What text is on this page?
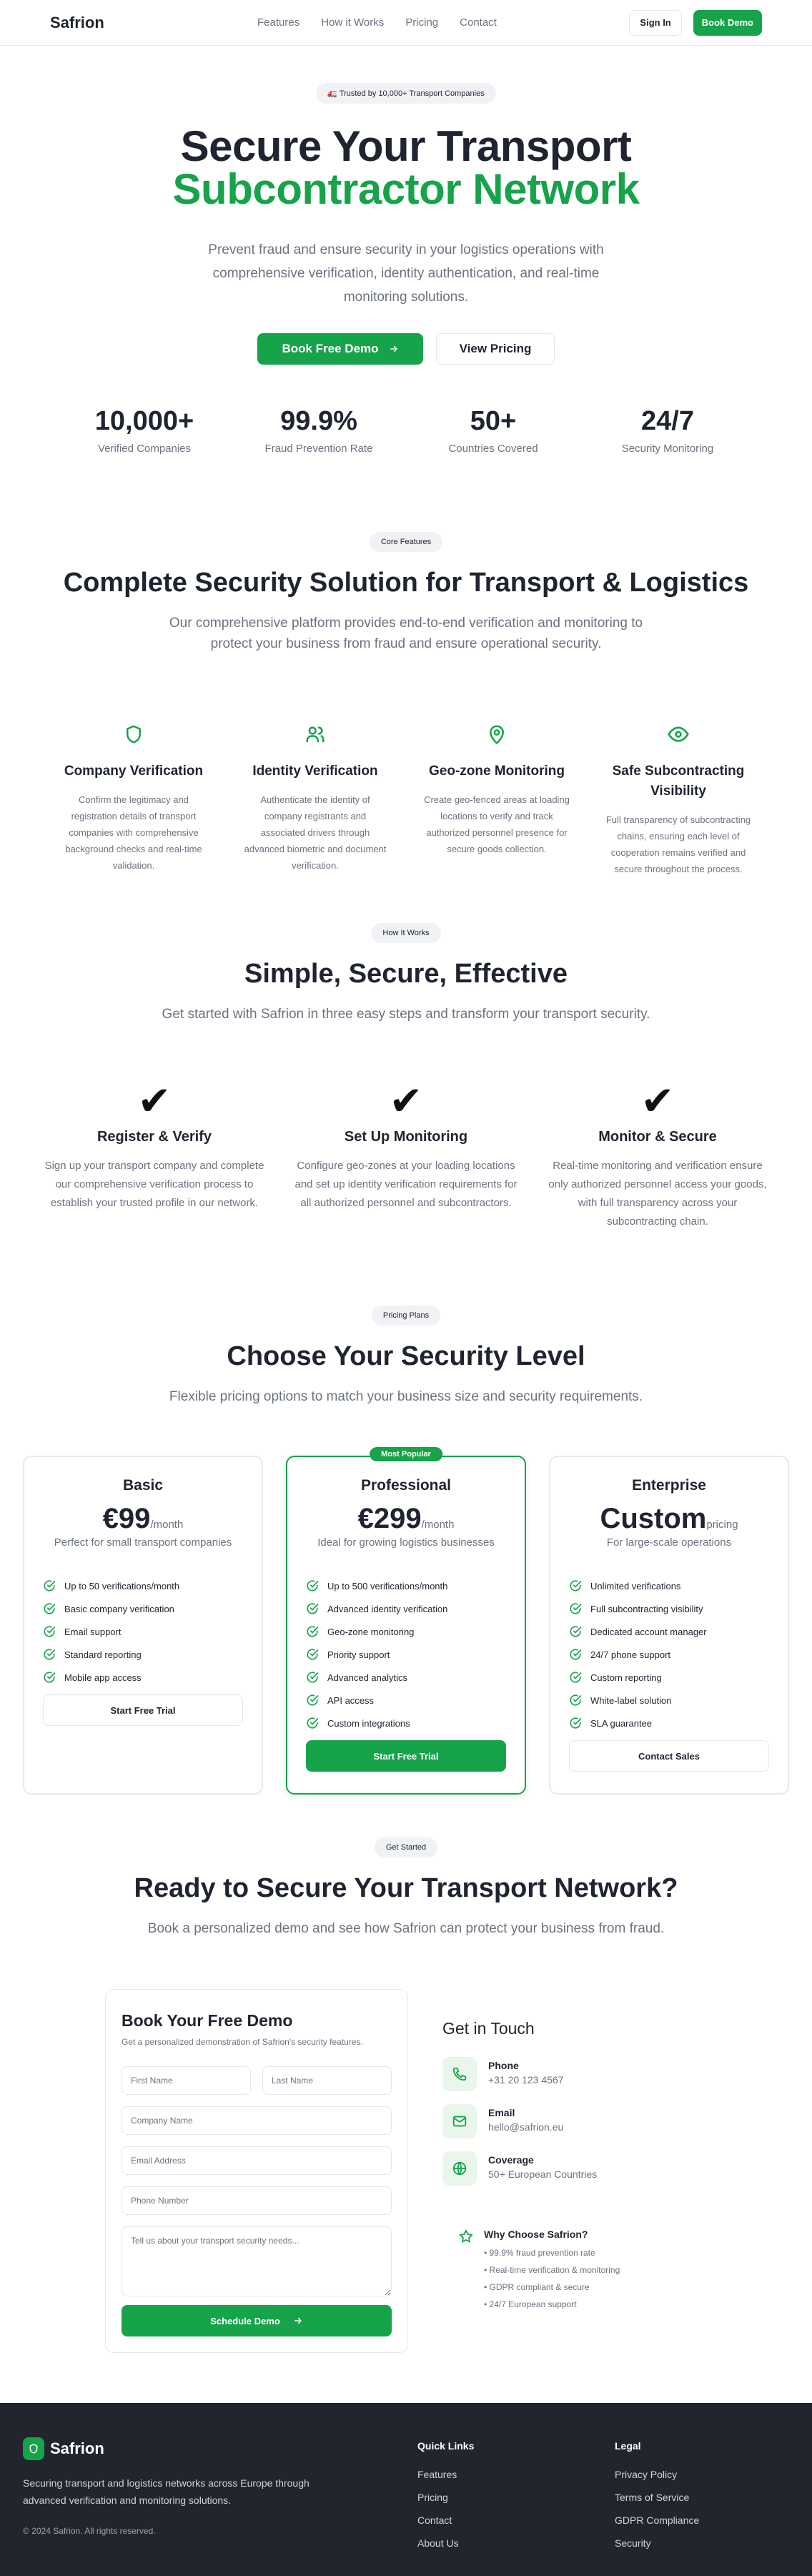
Safrion	Features How it Works Pricing Contact	Sign In	Book Demo
🚛 Trusted by 10,000+ Transport Companies
Secure Your Transport
Subcontractor Network

Prevent fraud and ensure security in your logistics operations with comprehensive verification, identity authentication, and real-time monitoring solutions.

Book Free Demo	View Pricing
10,000+
Verified Companies
99.9%
Fraud Prevention Rate
50+
Countries Covered
24/7
Security Monitoring
Core Features
Complete Security Solution for Transport & Logistics

Our comprehensive platform provides end-to-end verification and monitoring to protect your business from fraud and ensure operational security.

Company Verification

Confirm the legitimacy and registration details of transport companies with comprehensive background checks and real-time validation.

Identity Verification

Authenticate the identity of company registrants and associated drivers through advanced biometric and document verification.

Geo-zone Monitoring

Create geo-fenced areas at loading locations to verify and track authorized personnel presence for secure goods collection.

Safe Subcontracting Visibility

Full transparency of subcontracting chains, ensuring each level of cooperation remains verified and secure throughout the process.

How It Works
Simple, Secure, Effective

Get started with Safrion in three easy steps and transform your transport security.

✔
Register & Verify

Sign up your transport company and complete our comprehensive verification process to establish your trusted profile in our network.

✔
Set Up Monitoring

Configure geo-zones at your loading locations and set up identity verification requirements for all authorized personnel and subcontractors.

✔
Monitor & Secure

Real-time monitoring and verification ensure only authorized personnel access your goods, with full transparency across your subcontracting chain.

Pricing Plans
Choose Your Security Level

Flexible pricing options to match your business size and security requirements.

Basic
€99/month
Perfect for small transport companies
Up to 50 verifications/month
Basic company verification
Email support
Standard reporting
Mobile app access
Start Free Trial
Most Popular
Professional
€299/month
Ideal for growing logistics businesses
Up to 500 verifications/month
Advanced identity verification
Geo-zone monitoring
Priority support
Advanced analytics
API access
Custom integrations
Start Free Trial
Enterprise
Custompricing
For large-scale operations
Unlimited verifications
Full subcontracting visibility
Dedicated account manager
24/7 phone support
Custom reporting
White-label solution
SLA guarantee
Contact Sales
Get Started
Ready to Secure Your Transport Network?

Book a personalized demo and see how Safrion can protect your business from fraud.

Book Your Free Demo

Get a personalized demonstration of Safrion's security features.

First Name
Last Name
Company Name
Email Address
Phone Number
Tell us about your transport security needs...
Schedule Demo
Get in Touch
Phone
+31 20 123 4567
Email
hello@safrion.eu
Coverage
50+ European Countries
Why Choose Safrion?
• 99.9% fraud prevention rate
• Real-time verification & monitoring
• GDPR compliant & secure
• 24/7 European support
Safrion

Securing transport and logistics networks across Europe through advanced verification and monitoring solutions.

© 2024 Safrion. All rights reserved.

Quick Links
Features
Pricing
Contact
About Us
Legal
Privacy Policy
Terms of Service
GDPR Compliance
Security
